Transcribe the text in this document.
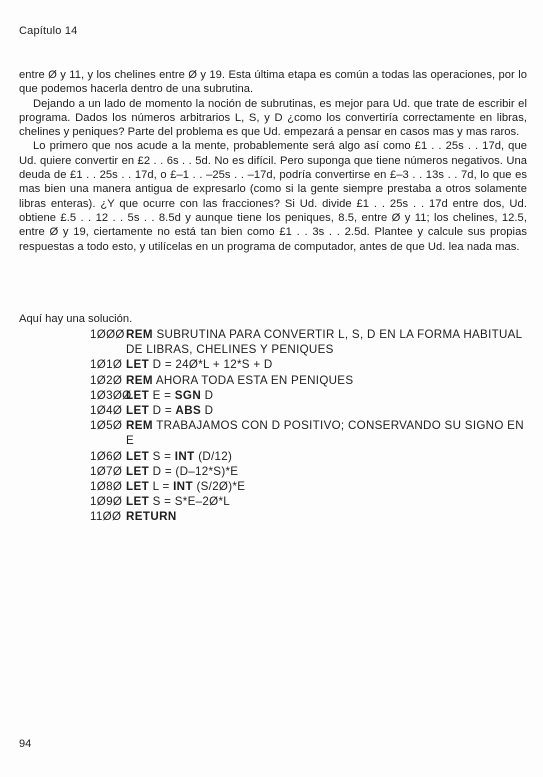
Capítulo 14

entre Ø y 11, y los chelines entre Ø y 19. Esta última etapa es común a todas las operaciones, por lo que podemos hacerla dentro de una subrutina.

Dejando a un lado de momento la noción de subrutinas, es mejor para Ud. que trate de escribir el programa. Dados los números arbitrarios L, S, y D ¿como los convertiría correctamente en libras, chelines y peniques? Parte del problema es que Ud. empezará a pensar en casos mas y mas raros.

Lo primero que nos acude a la mente, probablemente será algo así como £1 . . 25s . . 17d, que Ud. quiere convertir en £2 . . 6s . . 5d. No es difícil. Pero suponga que tiene números negativos. Una deuda de £1 . . 25s . . 17d, o £–1 . . –25s . . –17d, podría convertirse en £–3 . . 13s . . 7d, lo que es mas bien una manera antigua de expresarlo (como si la gente siempre prestaba a otros solamente libras enteras). ¿Y que ocurre con las fracciones? Si Ud. divide £1 . . 25s . . 17d entre dos, Ud. obtiene £.5 . . 12 . . 5s . . 8.5d y aunque tiene los peniques, 8.5, entre Ø y 11; los chelines, 12.5, entre Ø y 19, ciertamente no está tan bien como £1 . . 3s . . 2.5d. Plantee y calcule sus propias respuestas a todo esto, y utilícelas en un programa de computador, antes de que Ud. lea nada mas.

Aquí hay una solución.
1ØØØ REM SUBRUTINA PARA CONVERTIR L, S, D EN LA FORMA HABITUAL DE LIBRAS, CHELINES Y PENIQUES
1Ø1Ø LET D = 24Ø*L + 12*S + D
1Ø2Ø REM AHORA TODA ESTA EN PENIQUES
1Ø3ØØ
LET E = SGN D
1Ø4Ø LET D = ABS D
1Ø5Ø REM TRABAJAMOS CON D POSITIVO; CONSERVANDO SU SIGNO EN E
1Ø6Ø LET S = INT (D/12)
1Ø7Ø LET D = (D–12*S)*E
1Ø8Ø LET L = INT (S/2Ø)*E
1Ø9Ø LET S = S*E–2Ø*L
11ØØ RETURN
94
